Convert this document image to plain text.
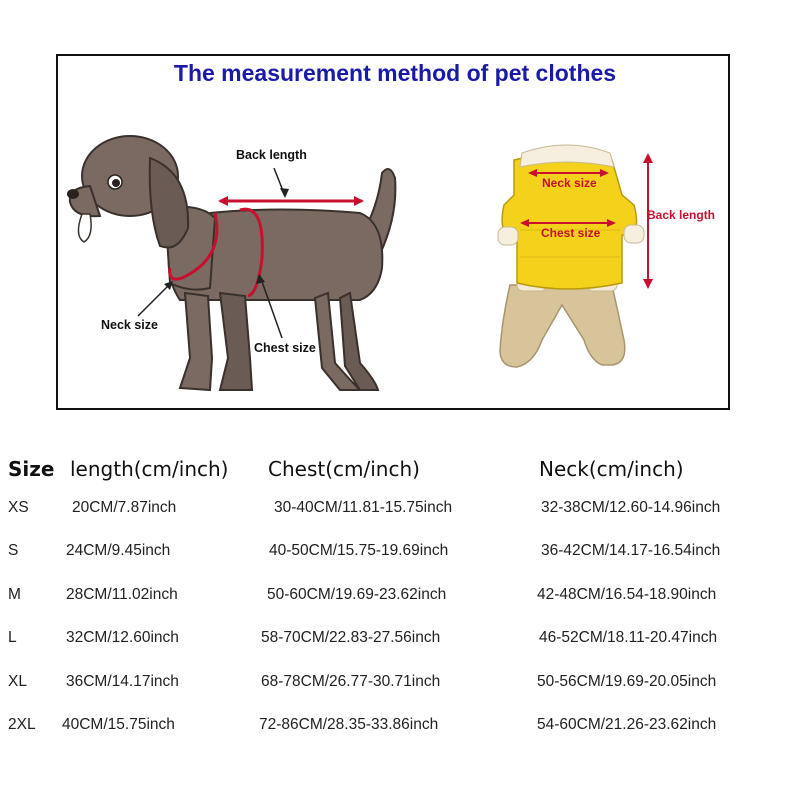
The measurement method of pet clothes
Back length
Neck size
Chest size
Neck size
Chest size
Back length
Size length(cm/inch) Chest(cm/inch)	Neck(cm/inch)
XS	20CM/7.87inch	30-40CM/11.81-15.75inch	32-38CM/12.60-14.96inch
S	24CM/9.45inch	40-50CM/15.75-19.69inch	36-42CM/14.17-16.54inch
M	28CM/11.02inch	50-60CM/19.69-23.62inch	42-48CM/16.54-18.90inch
L	32CM/12.60inch	58-70CM/22.83-27.56inch	46-52CM/18.11-20.47inch
XL	36CM/14.17inch	68-78CM/26.77-30.71inch	50-56CM/19.69-20.05inch
2XL 40CM/15.75inch	72-86CM/28.35-33.86inch	54-60CM/21.26-23.62inch
